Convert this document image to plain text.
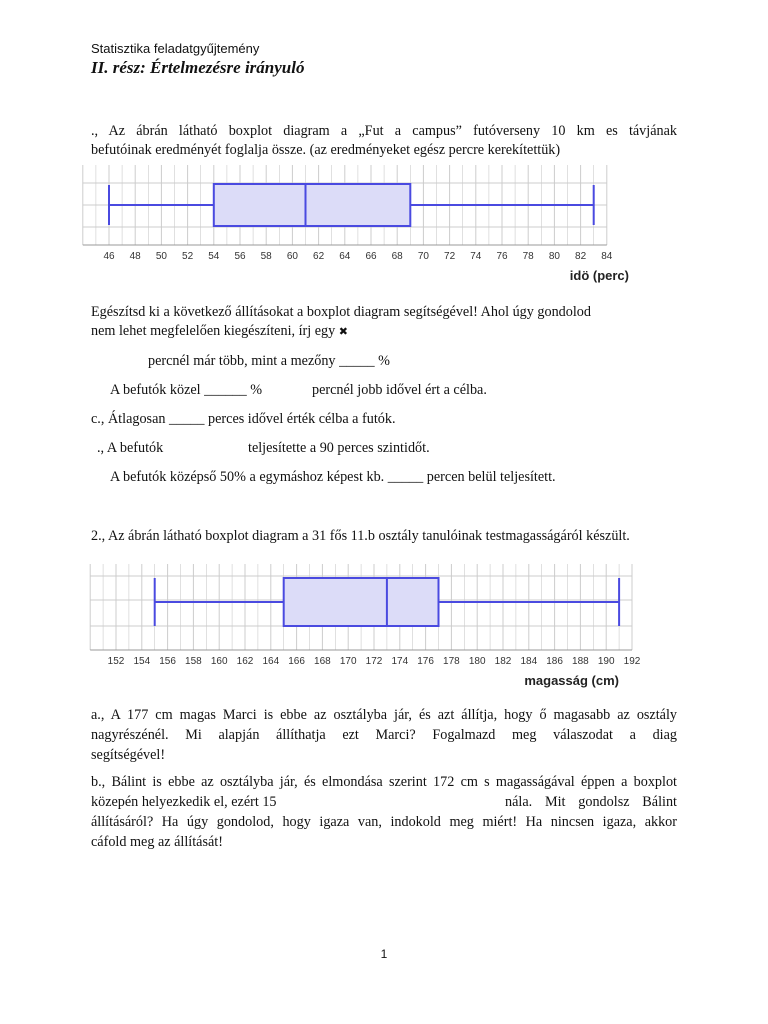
Statisztika feladatgyűjtemény
II. rész: Értelmezésre irányuló
., Az ábrán látható boxplot diagram a „Fut a campus” futóverseny 10 km es távjának
befutóinak eredményét foglalja össze. (az eredményeket egész percre kerekítettük)
46 48 50 52 54 56 58 60 62 64 66 68 70 72 74 76 78 80 82 84
idö (perc)
Egészítsd ki a következő állításokat a boxplot diagram segítségével! Ahol úgy gondolod
nem lehet megfelelően kiegészíteni, írj egy ✖
percnél már több, mint a mezőny _____ %
A befutók közel ______ %	percnél jobb idővel ért a célba.
c., Átlagosan _____ perces idővel érték célba a futók.
., A befutók	teljesítette a 90 perces szintidőt.
A befutók középső 50% a egymáshoz képest kb. _____ percen belül teljesített.
2., Az ábrán látható boxplot diagram a 31 fős 11.b osztály tanulóinak testmagasságáról készült.
152 154 156 158 160 162 164 166 168 170 172 174 176 178 180 182 184 186 188 190 192
magasság (cm)
a., A 177 cm magas Marci is ebbe az osztályba jár, és azt állítja, hogy ő magasabb az osztály
nagyrészénél. Mi alapján állíthatja ezt Marci? Fogalmazd meg válaszodat a diag
segítségével!
b., Bálint is ebbe az osztályba jár, és elmondása szerint 172 cm s magasságával éppen a boxplot
közepén helyezkedik el, ezért 15	nála. Mit gondolsz Bálint
állításáról? Ha úgy gondolod, hogy igaza van, indokold meg miért! Ha nincsen igaza, akkor
cáfold meg az állítását!
1
